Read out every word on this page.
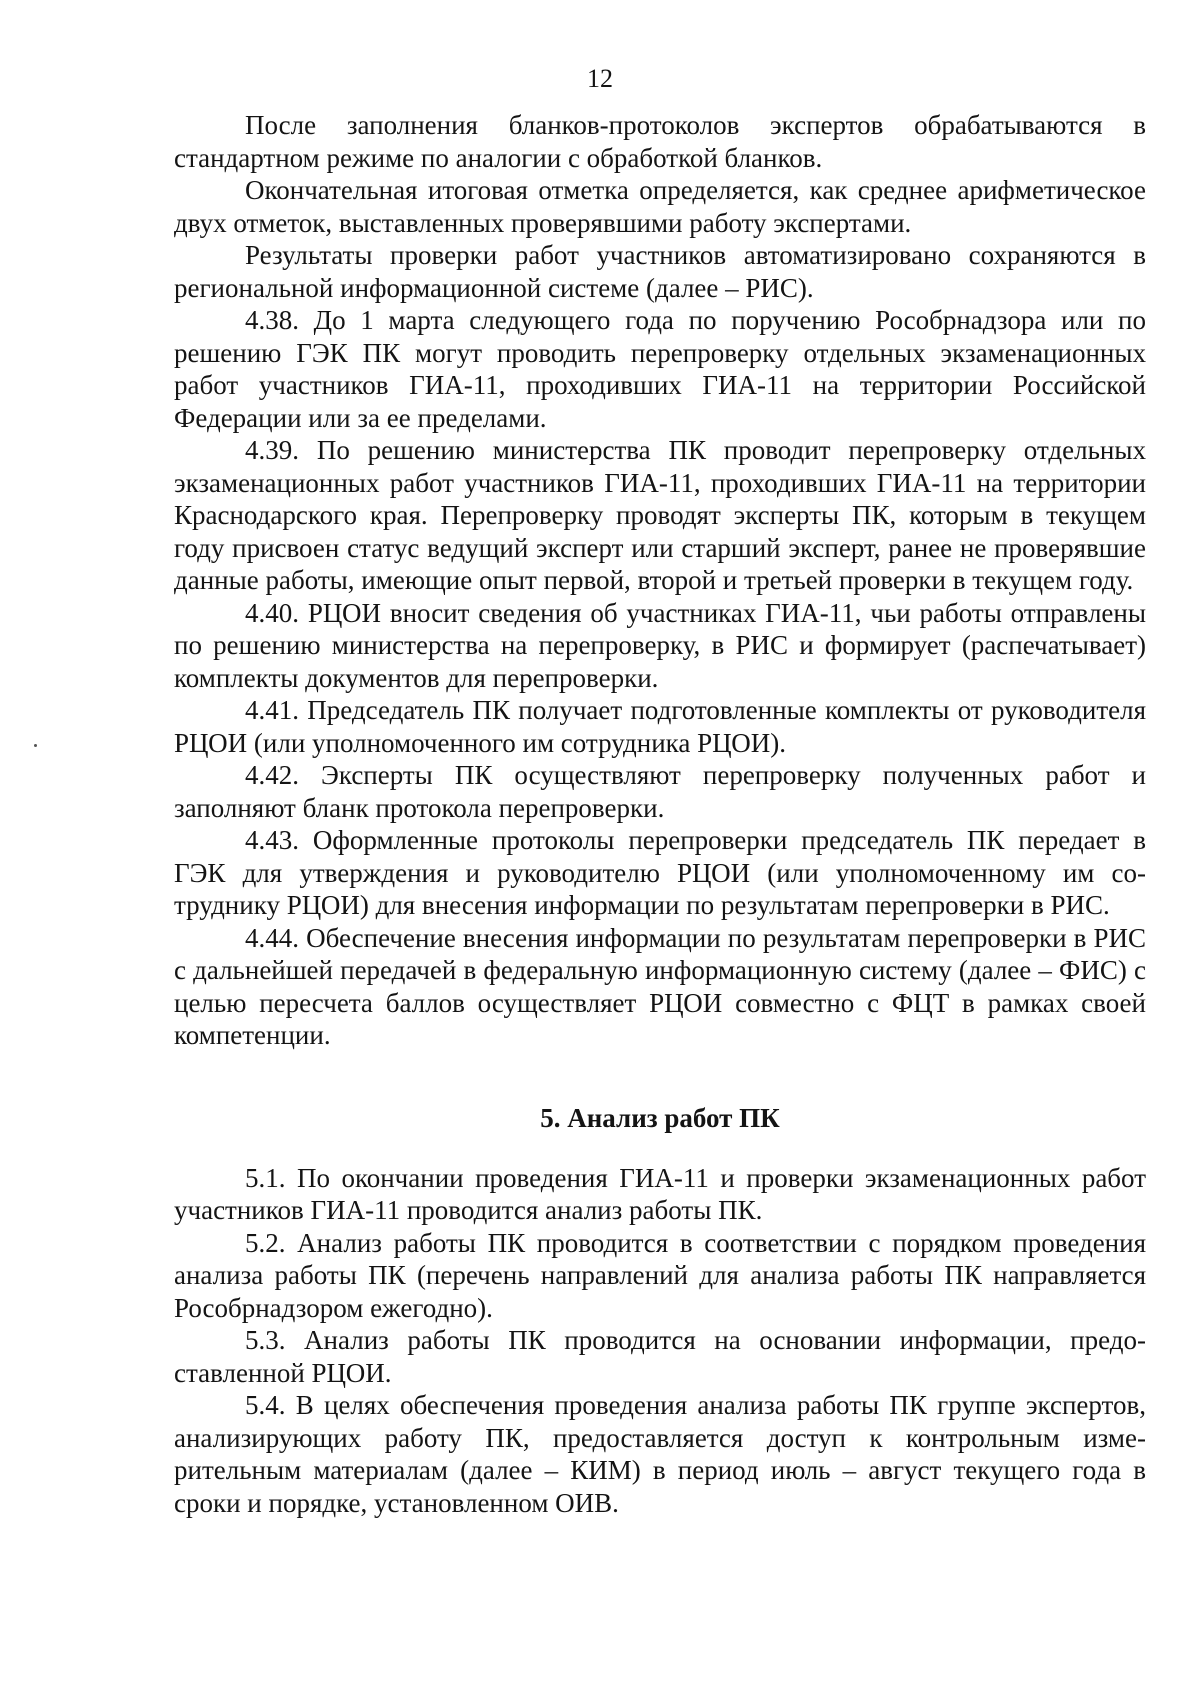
12

После заполнения бланков-протоколов экспертов обрабатываются в стандартном режиме по аналогии с обработкой бланков.

Окончательная итоговая отметка определяется, как среднее арифметическое двух отметок, выставленных проверявшими работу экспертами.

Результаты проверки работ участников автоматизировано сохраняются в региональной информационной системе (далее – РИС).

4.38. До 1 марта следующего года по поручению Рособрнадзора или по решению ГЭК ПК могут проводить перепроверку отдельных экзаменационных работ участников ГИА-11, проходивших ГИА-11 на территории Российской Федерации или за ее пределами.

4.39. По решению министерства ПК проводит перепроверку отдельных экзаменационных работ участников ГИА-11, проходивших ГИА-11 на территории Краснодарского края. Перепроверку проводят эксперты ПК, которым в текущем году присвоен статус ведущий эксперт или старший эксперт, ранее не проверявшие данные работы, имеющие опыт первой, второй и третьей проверки в текущем году.

4.40. РЦОИ вносит сведения об участниках ГИА-11, чьи работы отправлены по решению министерства на перепроверку, в РИС и формирует (распечатывает) комплекты документов для перепроверки.

4.41. Председатель ПК получает подготовленные комплекты от руководителя РЦОИ (или уполномоченного им сотрудника РЦОИ).

4.42. Эксперты ПК осуществляют перепроверку полученных работ и заполняют бланк протокола перепроверки.

4.43. Оформленные протоколы перепроверки председатель ПК передает в ГЭК для утверждения и руководителю РЦОИ (или уполномоченному им сотруднику РЦОИ) для внесения информации по результатам перепроверки в РИС.

4.44. Обеспечение внесения информации по результатам перепроверки в РИС с дальнейшей передачей в федеральную информационную систему (далее – ФИС) с целью пересчета баллов осуществляет РЦОИ совместно с ФЦТ в рамках своей компетенции.

5. Анализ работ ПК

5.1. По окончании проведения ГИА-11 и проверки экзаменационных работ участников ГИА-11 проводится анализ работы ПК.

5.2. Анализ работы ПК проводится в соответствии с порядком проведения анализа работы ПК (перечень направлений для анализа работы ПК направляется Рособрнадзором ежегодно).

5.3. Анализ работы ПК проводится на основании информации, предоставленной РЦОИ.

5.4. В целях обеспечения проведения анализа работы ПК группе экспертов, анализирующих работу ПК, предоставляется доступ к контрольным измерительным материалам (далее – КИМ) в период июль – август текущего года в сроки и порядке, установленном ОИВ.
